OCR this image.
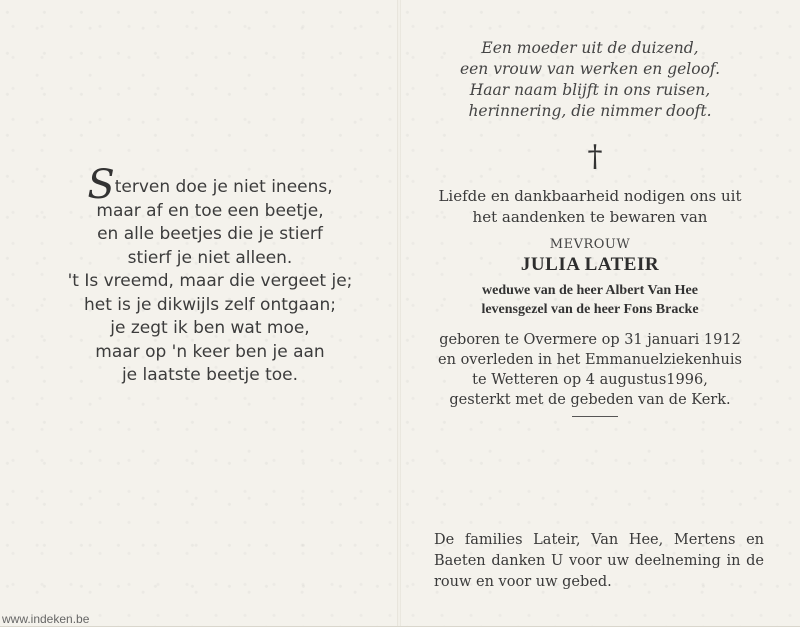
Sterven doe je niet ineens,
maar af en toe een beetje,
en alle beetjes die je stierf
stierf je niet alleen.
't Is vreemd, maar die vergeet je;
het is je dikwijls zelf ontgaan;
je zegt ik ben wat moe,
maar op 'n keer ben je aan
je laatste beetje toe.
Een moeder uit de duizend,
een vrouw van werken en geloof.
Haar naam blijft in ons ruisen,
herinnering, die nimmer dooft.
†
Liefde en dankbaarheid nodigen ons uit
het aandenken te bewaren van
MEVROUW
JULIA LATEIR
weduwe van de heer Albert Van Hee
levensgezel van de heer Fons Bracke
geboren te Overmere op 31 januari 1912
en overleden in het Emmanuelziekenhuis
te Wetteren op 4 augustus1996,
gesterkt met de gebeden van de Kerk.
De families Lateir, Van Hee, Mertens en Baeten danken U voor uw deelneming in de rouw en voor uw gebed.
www.indeken.be
